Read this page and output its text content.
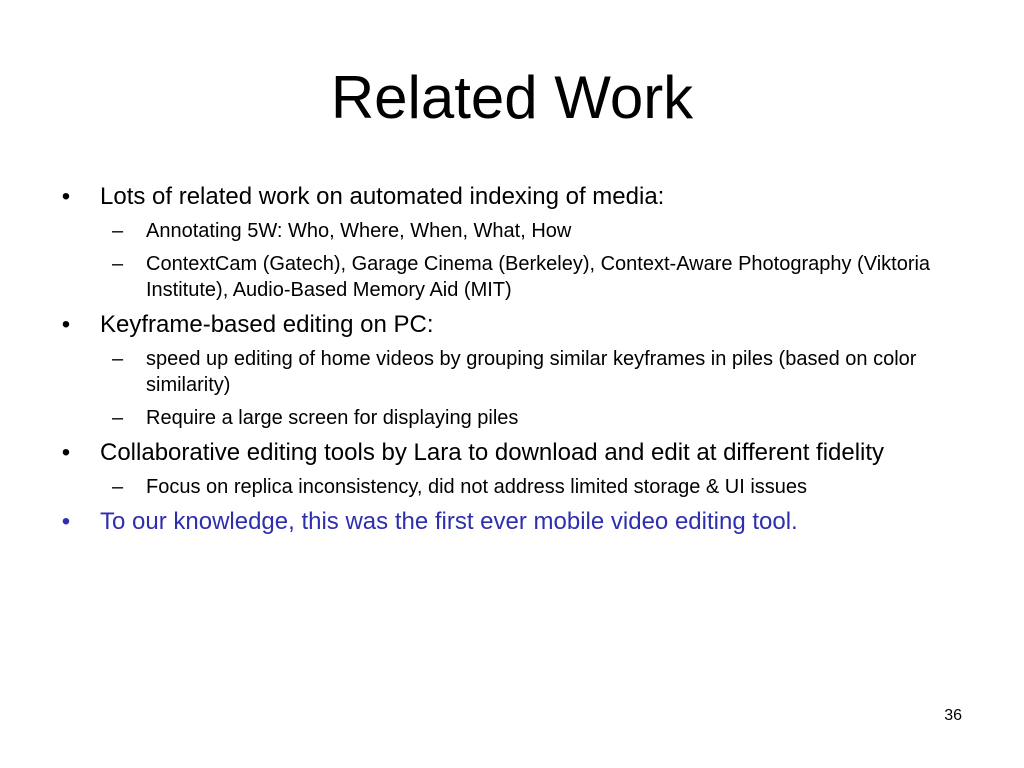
Related Work
•	Lots of related work on automated indexing of media:
–	Annotating 5W: Who, Where, When, What, How
–	ContextCam (Gatech), Garage Cinema (Berkeley), Context-Aware Photography (Viktoria Institute), Audio-Based Memory Aid (MIT)
•	Keyframe-based editing on PC:
–	speed up editing of home videos by grouping similar keyframes in piles (based on color similarity)
–	Require a large screen for displaying piles
•	Collaborative editing tools by Lara to download and edit at different fidelity
–	Focus on replica inconsistency, did not address limited storage & UI issues
•	To our knowledge, this was the first ever mobile video editing tool.
36
